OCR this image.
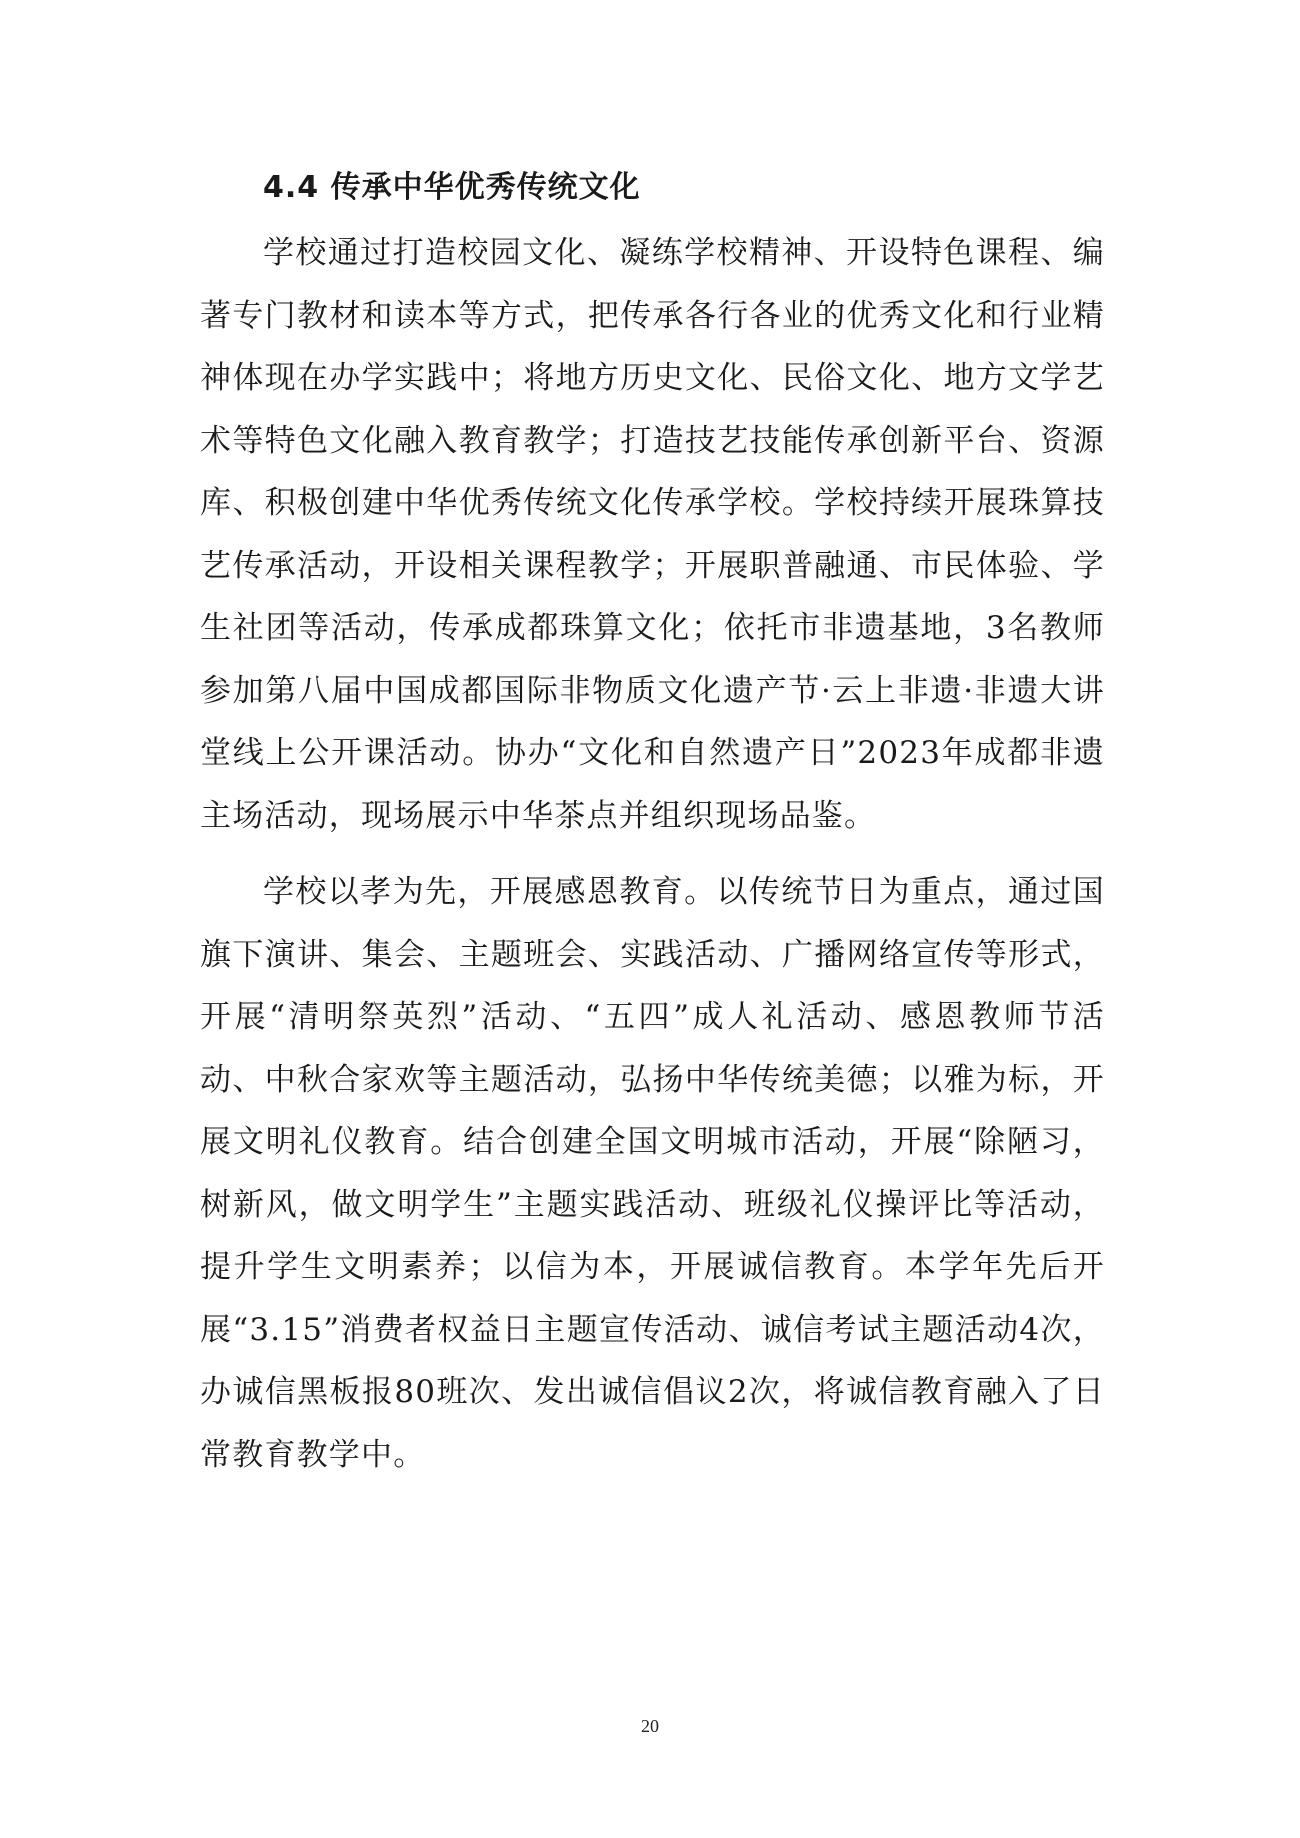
4.4 传承中华优秀传统文化

学校通过打造校园文化、凝练学校精神、开设特色课程、编著专门教材和读本等方式，把传承各行各业的优秀文化和行业精神体现在办学实践中；将地方历史文化、民俗文化、地方文学艺术等特色文化融入教育教学；打造技艺技能传承创新平台、资源库、积极创建中华优秀传统文化传承学校。学校持续开展珠算技艺传承活动，开设相关课程教学；开展职普融通、市民体验、学生社团等活动，传承成都珠算文化；依托市非遗基地，3名教师参加第八届中国成都国际非物质文化遗产节·云上非遗·非遗大讲堂线上公开课活动。协办“文化和自然遗产日”2023年成都非遗主场活动，现场展示中华茶点并组织现场品鉴。

学校以孝为先，开展感恩教育。以传统节日为重点，通过国旗下演讲、集会、主题班会、实践活动、广播网络宣传等形式，开展“清明祭英烈”活动、“五四”成人礼活动、感恩教师节活动、中秋合家欢等主题活动，弘扬中华传统美德；以雅为标，开展文明礼仪教育。结合创建全国文明城市活动，开展“除陋习，树新风，做文明学生”主题实践活动、班级礼仪操评比等活动，提升学生文明素养；以信为本，开展诚信教育。本学年先后开展“3.15”消费者权益日主题宣传活动、诚信考试主题活动4次，办诚信黑板报80班次、发出诚信倡议2次，将诚信教育融入了日常教育教学中。

20
